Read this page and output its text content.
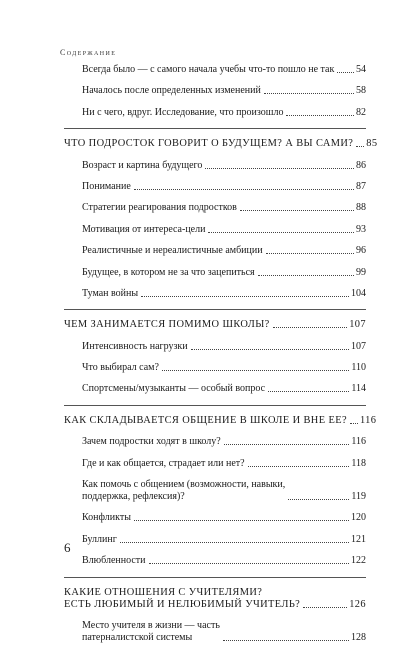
Содержание
Всегда было — с самого начала учебы что-то пошло не так 54
Началось после определенных изменений	58
Ни с чего, вдруг. Исследование, что произошло	82
ЧТО ПОДРОСТОК ГОВОРИТ О БУДУЩЕМ? А ВЫ САМИ? 85
Возраст и картина будущего	86
Понимание	87
Стратегии реагирования подростков	88
Мотивация от интереса-цели	93
Реалистичные и нереалистичные амбиции	96
Будущее, в котором не за что зацепиться	99
Туман войны	104
ЧЕМ ЗАНИМАЕТСЯ ПОМИМО ШКОЛЫ?	107
Интенсивность нагрузки	107
Что выбирал сам?	110
Спортсмены/музыканты — особый вопрос	114
КАК СКЛАДЫВАЕТСЯ ОБЩЕНИЕ В ШКОЛЕ И ВНЕ ЕЕ? 116
Зачем подростки ходят в школу?	116
Где и как общается, страдает или нет?	118
Как помочь с общением (возможности, навыки,
поддержка, рефлексия)?	119
Конфликты	120
Буллинг	121
Влюбленности	122
КАКИЕ ОТНОШЕНИЯ С УЧИТЕЛЯМИ?
ЕСТЬ ЛЮБИМЫЙ И НЕЛЮБИМЫЙ УЧИТЕЛЬ?	126
Место учителя в жизни — часть
патерналистской системы	128
6
